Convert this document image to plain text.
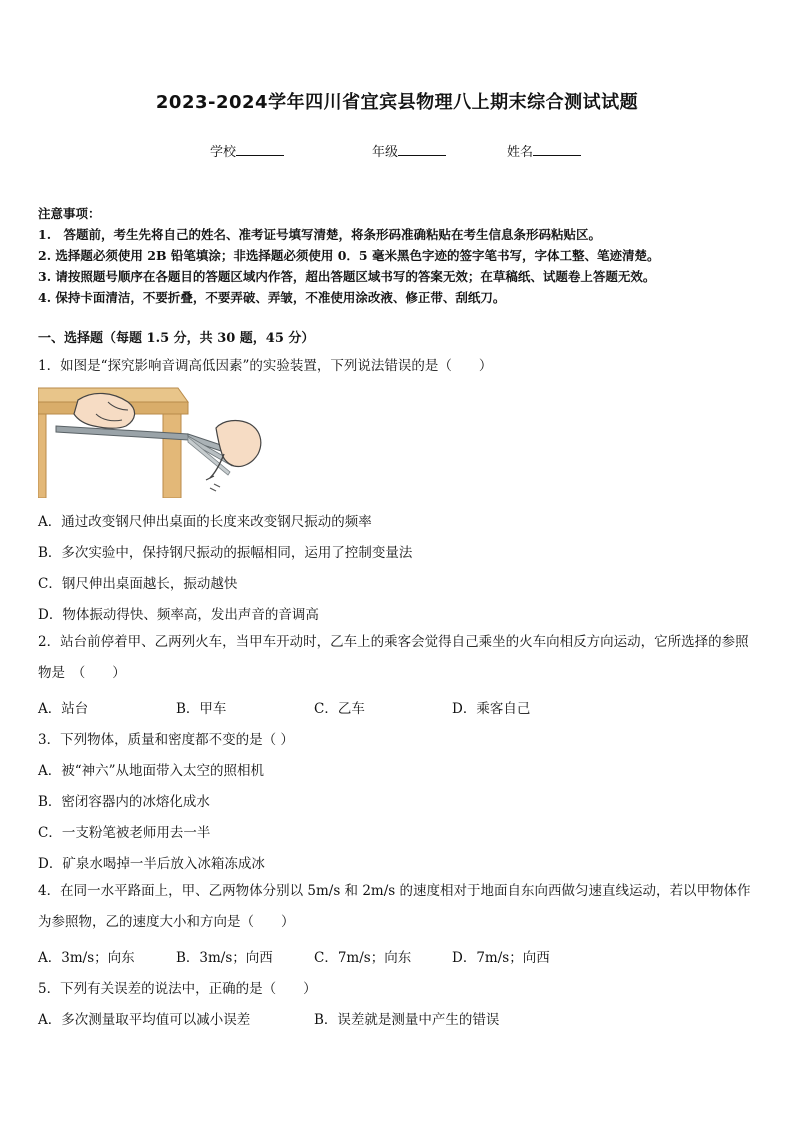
2023-2024学年四川省宜宾县物理八上期末综合测试试题
学校	年级	姓名
注意事项：
1.　答题前，考生先将自己的姓名、准考证号填写清楚，将条形码准确粘贴在考生信息条形码粘贴区。
2. 选择题必须使用 2B 铅笔填涂；非选择题必须使用 0．5 毫米黑色字迹的签字笔书写，字体工整、笔迹清楚。
3. 请按照题号顺序在各题目的答题区域内作答，超出答题区域书写的答案无效；在草稿纸、试题卷上答题无效。
4. 保持卡面清洁，不要折叠，不要弄破、弄皱，不准使用涂改液、修正带、刮纸刀。
一、选择题（每题 1.5 分，共 30 题，45 分）
1．如图是“探究影响音调高低因素”的实验装置，下列说法错误的是（　　）
A．通过改变钢尺伸出桌面的长度来改变钢尺振动的频率
B．多次实验中，保持钢尺振动的振幅相同，运用了控制变量法
C．钢尺伸出桌面越长，振动越快
D．物体振动得快、频率高，发出声音的音调高
2．站台前停着甲、乙两列火车，当甲车开动时，乙车上的乘客会觉得自己乘坐的火车向相反方向运动，它所选择的参照物是　（　　）
A．站台	B．甲车	C．乙车	D．乘客自己
3．下列物体，质量和密度都不变的是（ ）
A．被“神六”从地面带入太空的照相机
B．密闭容器内的冰熔化成水
C．一支粉笔被老师用去一半
D．矿泉水喝掉一半后放入冰箱冻成冰
4．在同一水平路面上，甲、乙两物体分别以 5m/s 和 2m/s 的速度相对于地面自东向西做匀速直线运动，若以甲物体作为参照物，乙的速度大小和方向是（　　）
A．3m/s；向东	B．3m/s；向西	C．7m/s；向东	D．7m/s；向西
5．下列有关误差的说法中，正确的是（　　）
A．多次测量取平均值可以减小误差	B．误差就是测量中产生的错误
